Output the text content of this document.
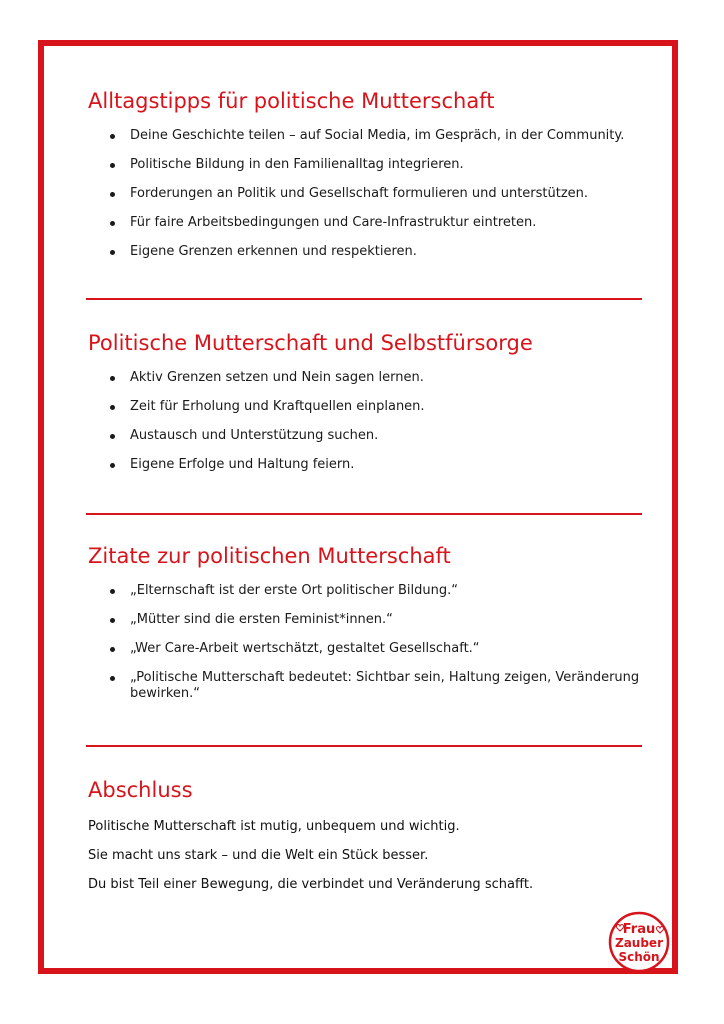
Alltagstipps für politische Mutterschaft
Deine Geschichte teilen – auf Social Media, im Gespräch, in der Community.
Politische Bildung in den Familienalltag integrieren.
Forderungen an Politik und Gesellschaft formulieren und unterstützen.
Für faire Arbeitsbedingungen und Care-Infrastruktur eintreten.
Eigene Grenzen erkennen und respektieren.
Politische Mutterschaft und Selbstfürsorge
Aktiv Grenzen setzen und Nein sagen lernen.
Zeit für Erholung und Kraftquellen einplanen.
Austausch und Unterstützung suchen.
Eigene Erfolge und Haltung feiern.
Zitate zur politischen Mutterschaft
„Elternschaft ist der erste Ort politischer Bildung.“
„Mütter sind die ersten Feminist*innen.“
„Wer Care-Arbeit wertschätzt, gestaltet Gesellschaft.“
„Politische Mutterschaft bedeutet: Sichtbar sein, Haltung zeigen, Veränderung bewirken.“
Abschluss

Politische Mutterschaft ist mutig, unbequem und wichtig.

Sie macht uns stark – und die Welt ein Stück besser.

Du bist Teil einer Bewegung, die verbindet und Veränderung schafft.

Frau
Zauber
Schön
